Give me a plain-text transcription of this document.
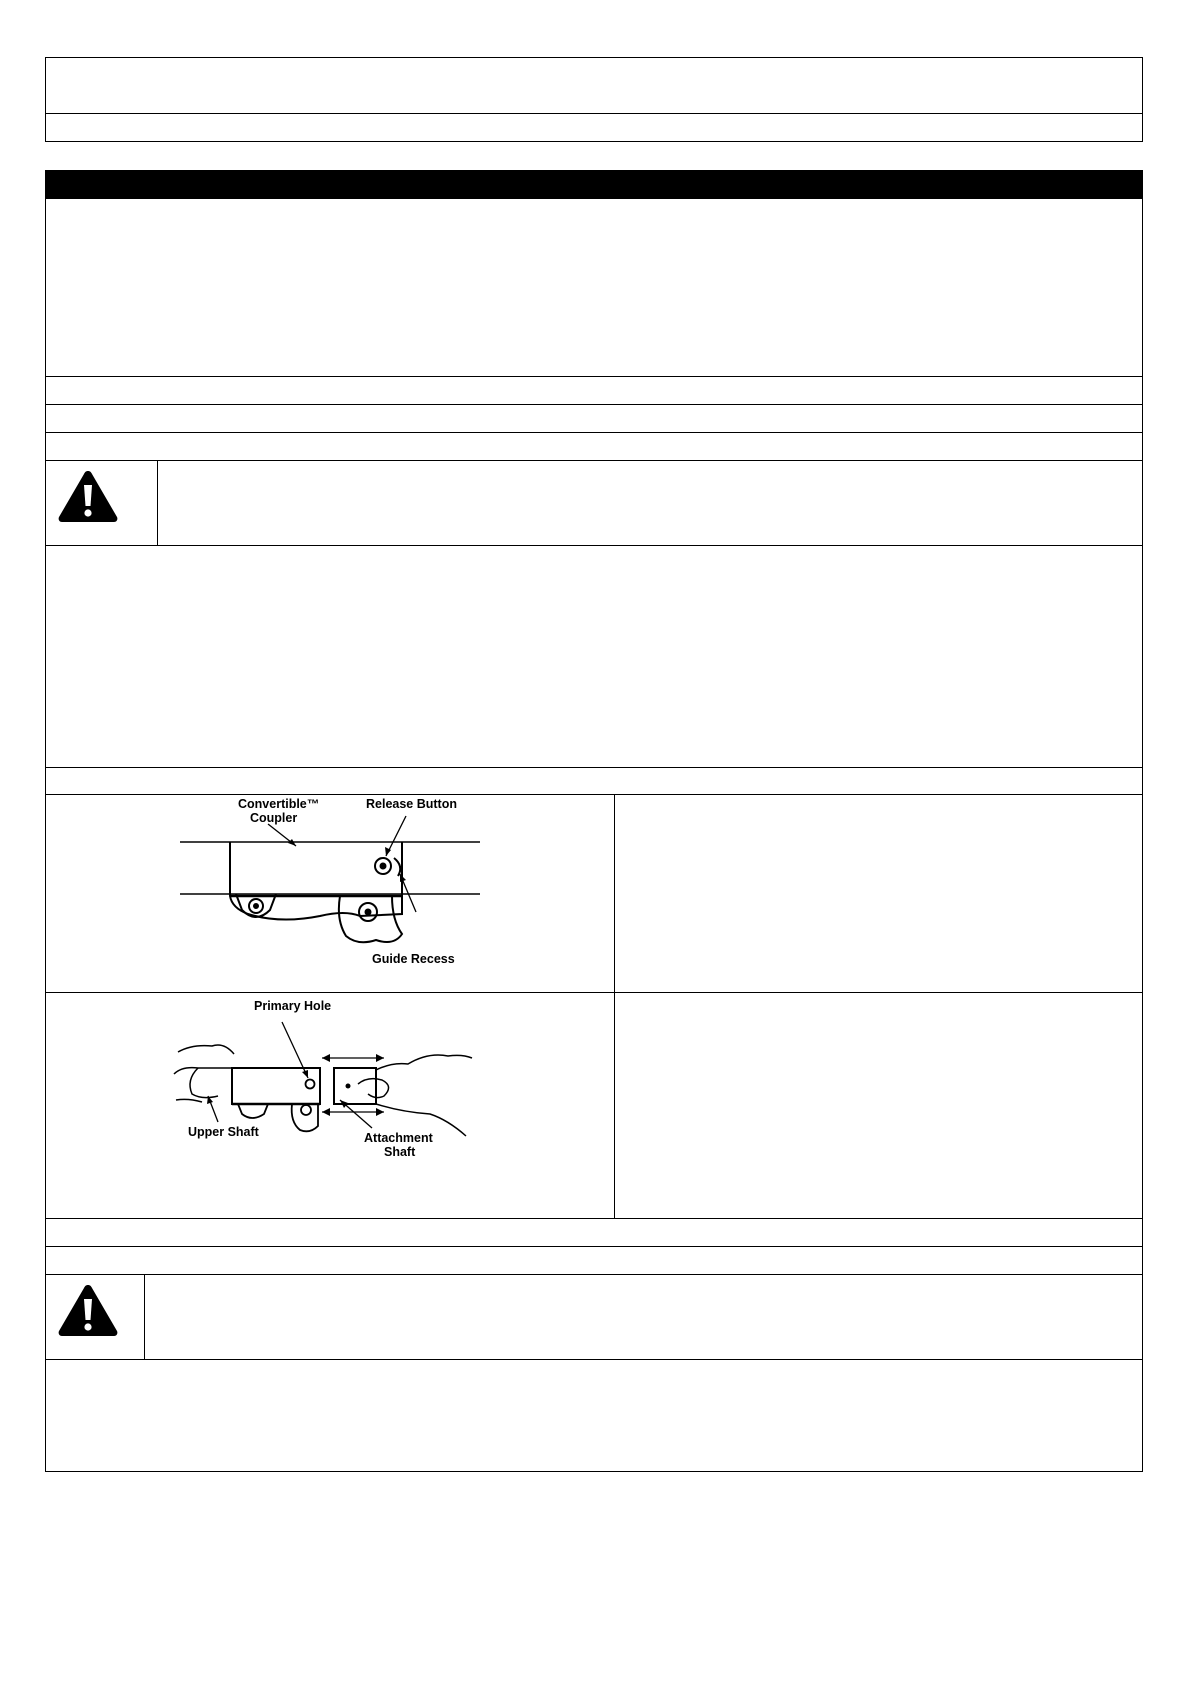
Convertible™
Coupler
Release Button
Guide Recess
Primary Hole
Upper Shaft	Attachment
Shaft
